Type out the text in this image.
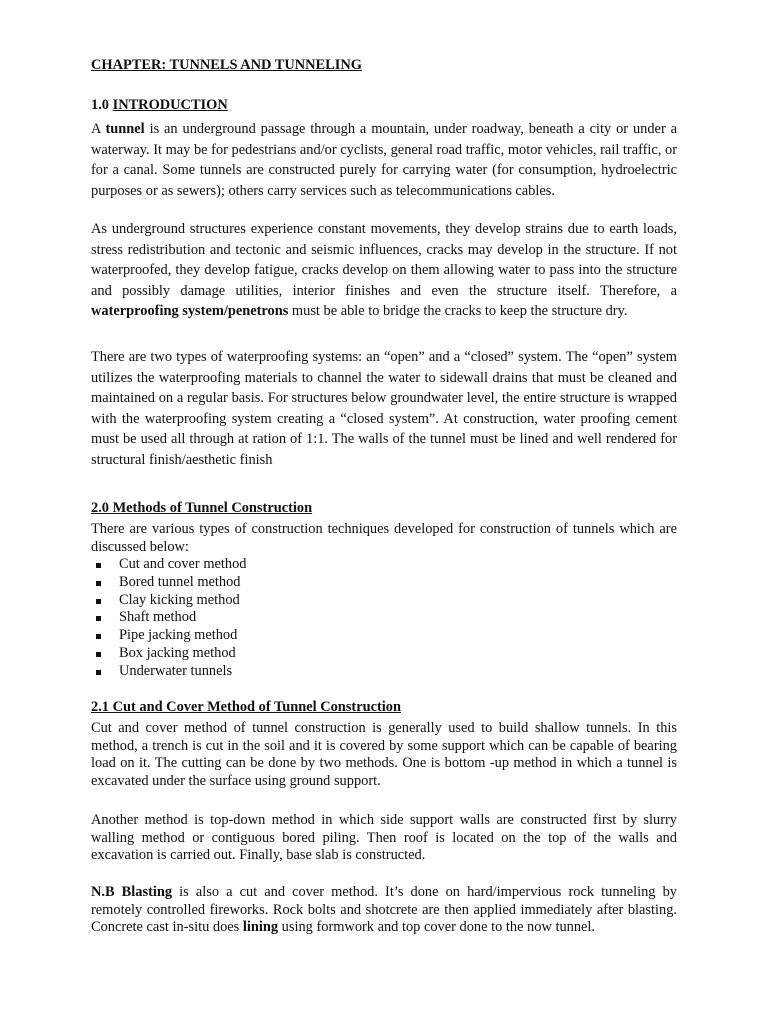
CHAPTER: TUNNELS AND TUNNELING
1.0 INTRODUCTION

A tunnel is an underground passage through a mountain, under roadway, beneath a city or under a waterway. It may be for pedestrians and/or cyclists, general road traffic, motor vehicles, rail traffic, or for a canal. Some tunnels are constructed purely for carrying water (for consumption, hydroelectric purposes or as sewers); others carry services such as telecommunications cables.

As underground structures experience constant movements, they develop strains due to earth loads, stress redistribution and tectonic and seismic influences, cracks may develop in the structure. If not waterproofed, they develop fatigue, cracks develop on them allowing water to pass into the structure and possibly damage utilities, interior finishes and even the structure itself. Therefore, a waterproofing system/penetrons must be able to bridge the cracks to keep the structure dry.

There are two types of waterproofing systems: an “open” and a “closed” system. The “open” system utilizes the waterproofing materials to channel the water to sidewall drains that must be cleaned and maintained on a regular basis. For structures below groundwater level, the entire structure is wrapped with the waterproofing system creating a “closed system”. At construction, water proofing cement must be used all through at ration of 1:1. The walls of the tunnel must be lined and well rendered for structural finish/aesthetic finish

2.0 Methods of Tunnel Construction

There are various types of construction techniques developed for construction of tunnels which are discussed below:

Cut and cover method
Bored tunnel method
Clay kicking method
Shaft method
Pipe jacking method
Box jacking method
Underwater tunnels
2.1 Cut and Cover Method of Tunnel Construction

Cut and cover method of tunnel construction is generally used to build shallow tunnels. In this method, a trench is cut in the soil and it is covered by some support which can be capable of bearing load on it. The cutting can be done by two methods. One is bottom -up method in which a tunnel is excavated under the surface using ground support.

Another method is top-down method in which side support walls are constructed first by slurry walling method or contiguous bored piling. Then roof is located on the top of the walls and excavation is carried out. Finally, base slab is constructed.

N.B Blasting is also a cut and cover method. It’s done on hard/impervious rock tunneling by remotely controlled fireworks. Rock bolts and shotcrete are then applied immediately after blasting. Concrete cast in-situ does lining using formwork and top cover done to the now tunnel.
